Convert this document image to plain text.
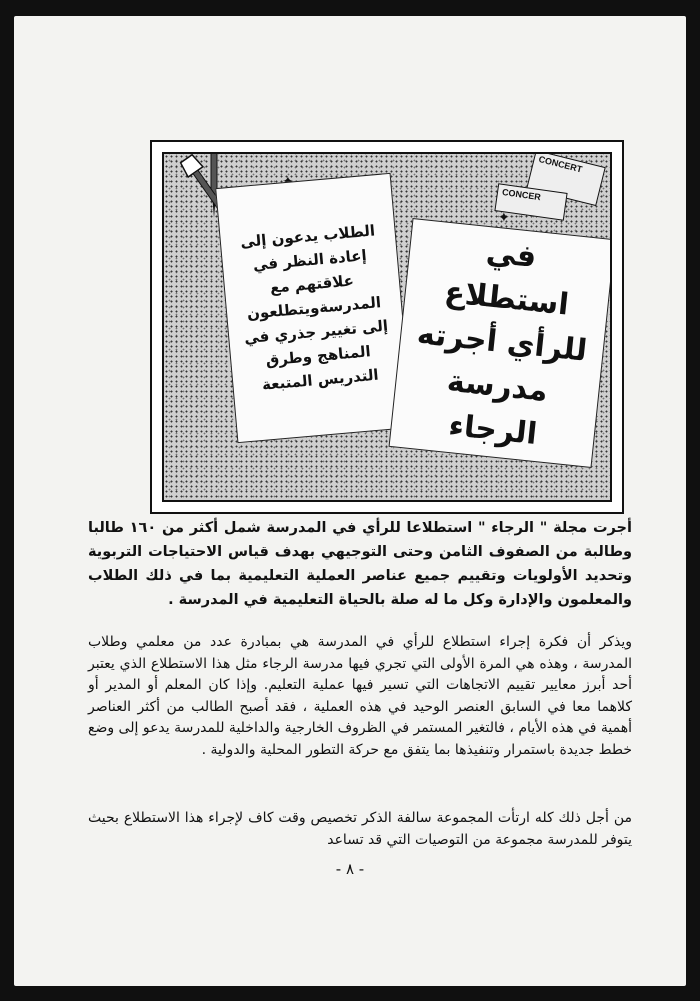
✦
الطلاب يدعون إلى إعادة النظر في علاقتهم مع المدرسةويتطلعون إلى تغيير جذري في المناهج وطرق التدريس المتبعة
في استطلاع للرأي أجرته مدرسة الرجاء
CONCERT
CONCER
أجرت مجلة " الرجاء " استطلاعا للرأي في المدرسة شمل أكثر من ١٦٠ طالبا وطالبة من الصفوف الثامن وحتى التوجيهي بهدف قياس الاحتياجات التربوية وتحديد الأولويات وتقييم جميع عناصر العملية التعليمية بما في ذلك الطلاب والمعلمون والإدارة وكل ما له صلة بالحياة التعليمية في المدرسة .
ويذكر أن فكرة إجراء استطلاع للرأي في المدرسة هي بمبادرة عدد من معلمي وطلاب المدرسة ، وهذه هي المرة الأولى التي تجري فيها مدرسة الرجاء مثل هذا الاستطلاع الذي يعتبر أحد أبرز معايير تقييم الاتجاهات التي تسير فيها عملية التعليم. وإذا كان المعلم أو المدير أو كلاهما معا في السابق العنصر الوحيد في هذه العملية ، فقد أصبح الطالب من أكثر العناصر أهمية في هذه الأيام ، فالتغير المستمر في الظروف الخارجية والداخلية للمدرسة يدعو إلى وضع خطط جديدة باستمرار وتنفيذها بما يتفق مع حركة التطور المحلية والدولية .
من أجل ذلك كله ارتأت المجموعة سالفة الذكر تخصيص وقت كاف لإجراء هذا الاستطلاع بحيث يتوفر للمدرسة مجموعة من التوصيات التي قد تساعد
- ٨ -
